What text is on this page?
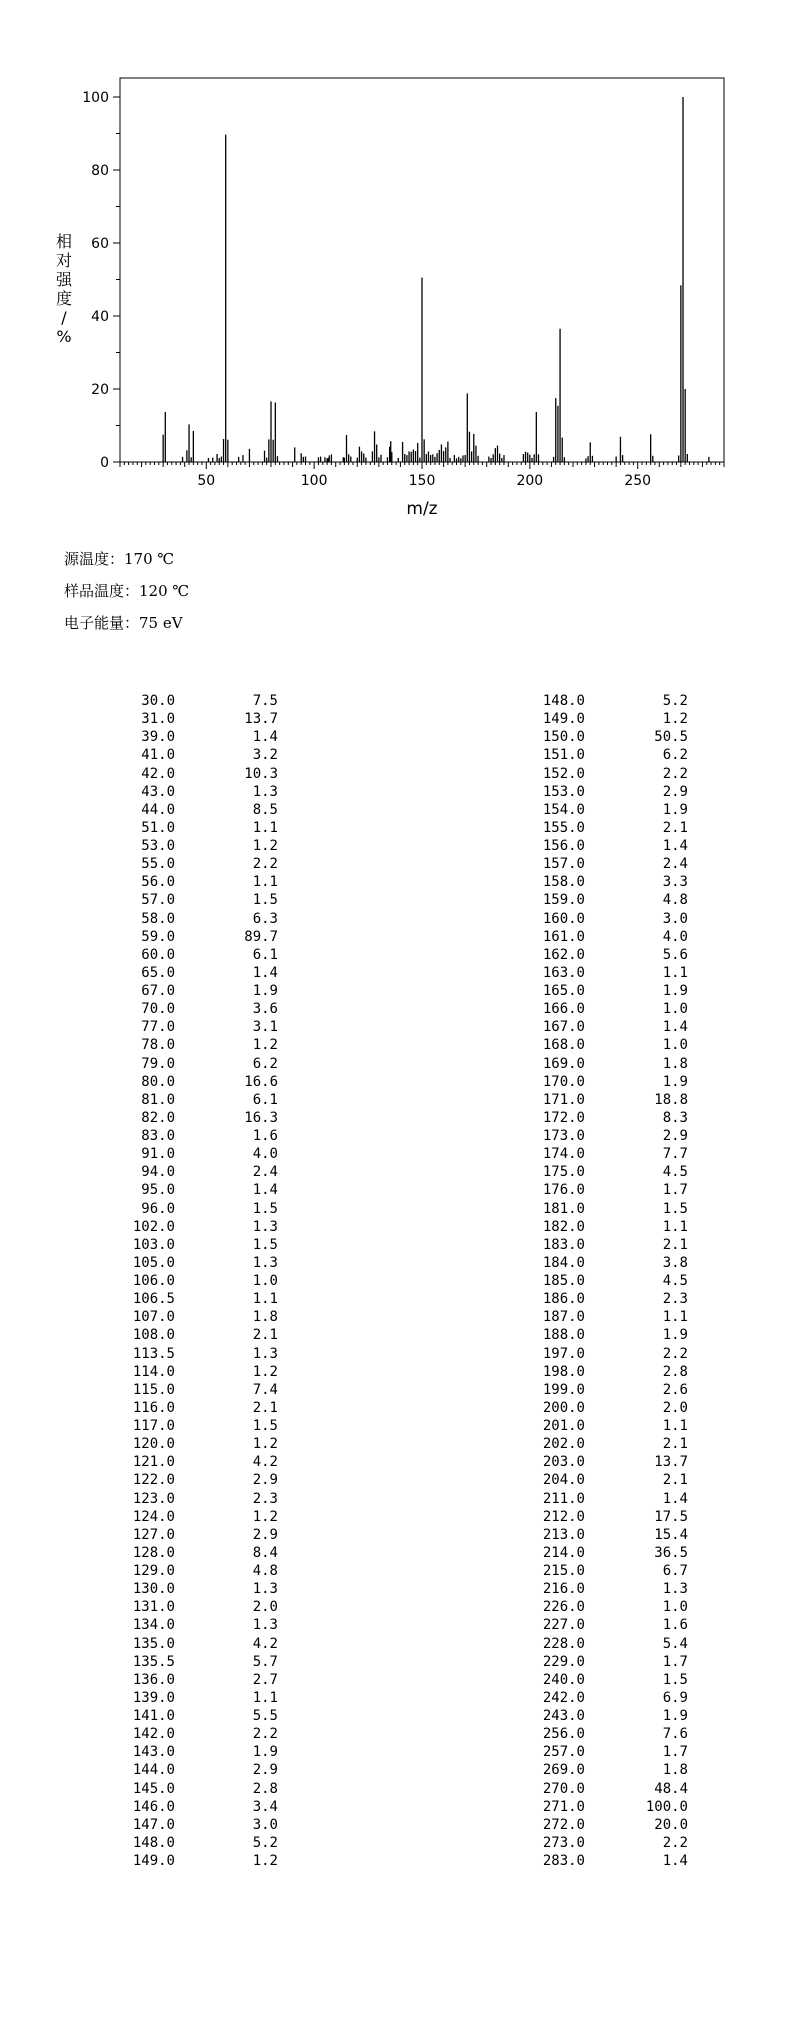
0
20
40
60
80
100
50	100	150	200	250
m/z
相
对
强
度
/
%
源温度：170 ℃
样品温度：120 ℃
电子能量：75 eV
30.0	7.5
31.0	13.7
39.0	1.4
41.0	3.2
42.0	10.3
43.0	1.3
44.0	8.5
51.0	1.1
53.0	1.2
55.0	2.2
56.0	1.1
57.0	1.5
58.0	6.3
59.0	89.7
60.0	6.1
65.0	1.4
67.0	1.9
70.0	3.6
77.0	3.1
78.0	1.2
79.0	6.2
80.0	16.6
81.0	6.1
82.0	16.3
83.0	1.6
91.0	4.0
94.0	2.4
95.0	1.4
96.0	1.5
102.0	1.3
103.0	1.5
105.0	1.3
106.0	1.0
106.5	1.1
107.0	1.8
108.0	2.1
113.5	1.3
114.0	1.2
115.0	7.4
116.0	2.1
117.0	1.5
120.0	1.2
121.0	4.2
122.0	2.9
123.0	2.3
124.0	1.2
127.0	2.9
128.0	8.4
129.0	4.8
130.0	1.3
131.0	2.0
134.0	1.3
135.0	4.2
135.5	5.7
136.0	2.7
139.0	1.1
141.0	5.5
142.0	2.2
143.0	1.9
144.0	2.9
145.0	2.8
146.0	3.4
147.0	3.0
148.0	5.2
149.0	1.2
148.0	5.2
149.0	1.2
150.0	50.5
151.0	6.2
152.0	2.2
153.0	2.9
154.0	1.9
155.0	2.1
156.0	1.4
157.0	2.4
158.0	3.3
159.0	4.8
160.0	3.0
161.0	4.0
162.0	5.6
163.0	1.1
165.0	1.9
166.0	1.0
167.0	1.4
168.0	1.0
169.0	1.8
170.0	1.9
171.0	18.8
172.0	8.3
173.0	2.9
174.0	7.7
175.0	4.5
176.0	1.7
181.0	1.5
182.0	1.1
183.0	2.1
184.0	3.8
185.0	4.5
186.0	2.3
187.0	1.1
188.0	1.9
197.0	2.2
198.0	2.8
199.0	2.6
200.0	2.0
201.0	1.1
202.0	2.1
203.0	13.7
204.0	2.1
211.0	1.4
212.0	17.5
213.0	15.4
214.0	36.5
215.0	6.7
216.0	1.3
226.0	1.0
227.0	1.6
228.0	5.4
229.0	1.7
240.0	1.5
242.0	6.9
243.0	1.9
256.0	7.6
257.0	1.7
269.0	1.8
270.0	48.4
271.0	100.0
272.0	20.0
273.0	2.2
283.0	1.4
